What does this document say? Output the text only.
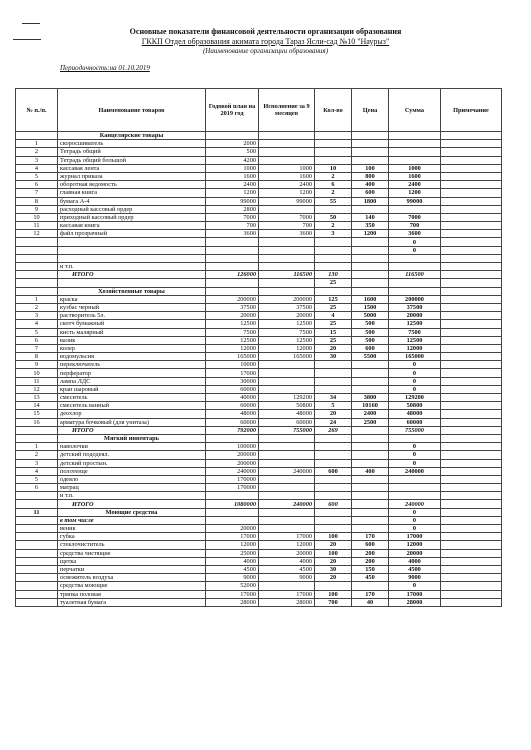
Основные показатели финансовой деятельности организации образования
ГККП Отдел образования акимата города Тараз Ясли-сад №10 "Наурыз"
(Наименование организации образования)
Периодичность:на 01.10.2019
№ п./п.	Наименование товаров	Годовой план на 2019 год	Исполнение за 9 месяцев	Кол-во	Цена	Сумма	Примечание
	Канцелярские товары						
1	скоросшиватель	2000					
2	Тетрадь общий	500					
3	Тетрадь общий большой	4200					
4	кассавая лента	1000	1000	10	100	1000	
5	журнал приказа	1600	1600	2	800	1600	
6	оборотная ведомость	2400	2400	6	400	2400	
7	главная книга	1200	1200	2	600	1200	
8	бумага А-4	99000	99000	55	1800	99000	
9	расходный кассовый ордер	2800					
10	приходный кассовый ордер	7000	7000	50	140	7000	
11	кассавая книга	700	700	2	350	700	
12	файл прозрачный	3600	3600	3	1200	3600	
						0	
						0	

	и т.п.						
	ИТОГО	126000	116500	130		116500	
				25			
	Хозяйственные товары						
1	краска	200000	200000	125	1600	200000	
2	кузбас черный	37500	37500	25	1500	37500	
3	растворитель 5л.	20000	20000	4	5000	20000	
4	скотч бумажный	12500	12500	25	500	12500	
5	кисть малярный	7500	7500	15	500	7500	
6	валик	12500	12500	25	500	12500	
7	колер	12000	12000	20	600	12000	
8	водомульсия	165000	165000	30	5500	165000	
9	переключатель	10000				0	
10	перфератор	17000				0	
11	лампа ЛДС	30000				0	
12	кран шаровый	60000				0	
13	смеситель	40000	129200	34	3800	129200	
14	смеситель ванный	60000	50800	5	10160	50800	
15	деохлор	48000	48000	20	2400	48000	
16	арматура бочковый (для унитаза)	60000	60000	24	2500	60000	
	ИТОГО	792000	755000	269		755000	
	Мягкий инвентарь						
1	наволочки	100000				0	
2	детский пододеял.	200000				0	
3	детский простын.	200000				0	
4	полотенце	240000	240000	600	400	240000	
5	одеяло	170000					
6	матрац	170000					
	и т.п.						
	ИТОГО	1080000	240000	600		240000	
11	Моющие средства					0	
	в том числе					0	
	веник	20000				0	
	губка	17000	17000	100	170	17000	
	стеклочиститель	12000	12000	20	600	12000	
	средства чистящие	25000	20000	100	200	20000	
	щетка	4000	4000	20	200	4000	
	перчатки	4500	4500	30	150	4500	
	освежитель воздуха	9000	9000	20	450	9000	
	средства моющие	52000				0	
	тряпка половая	17000	17000	100	170	17000	
	туалетная бумага	28000	28000	700	40	28000	
